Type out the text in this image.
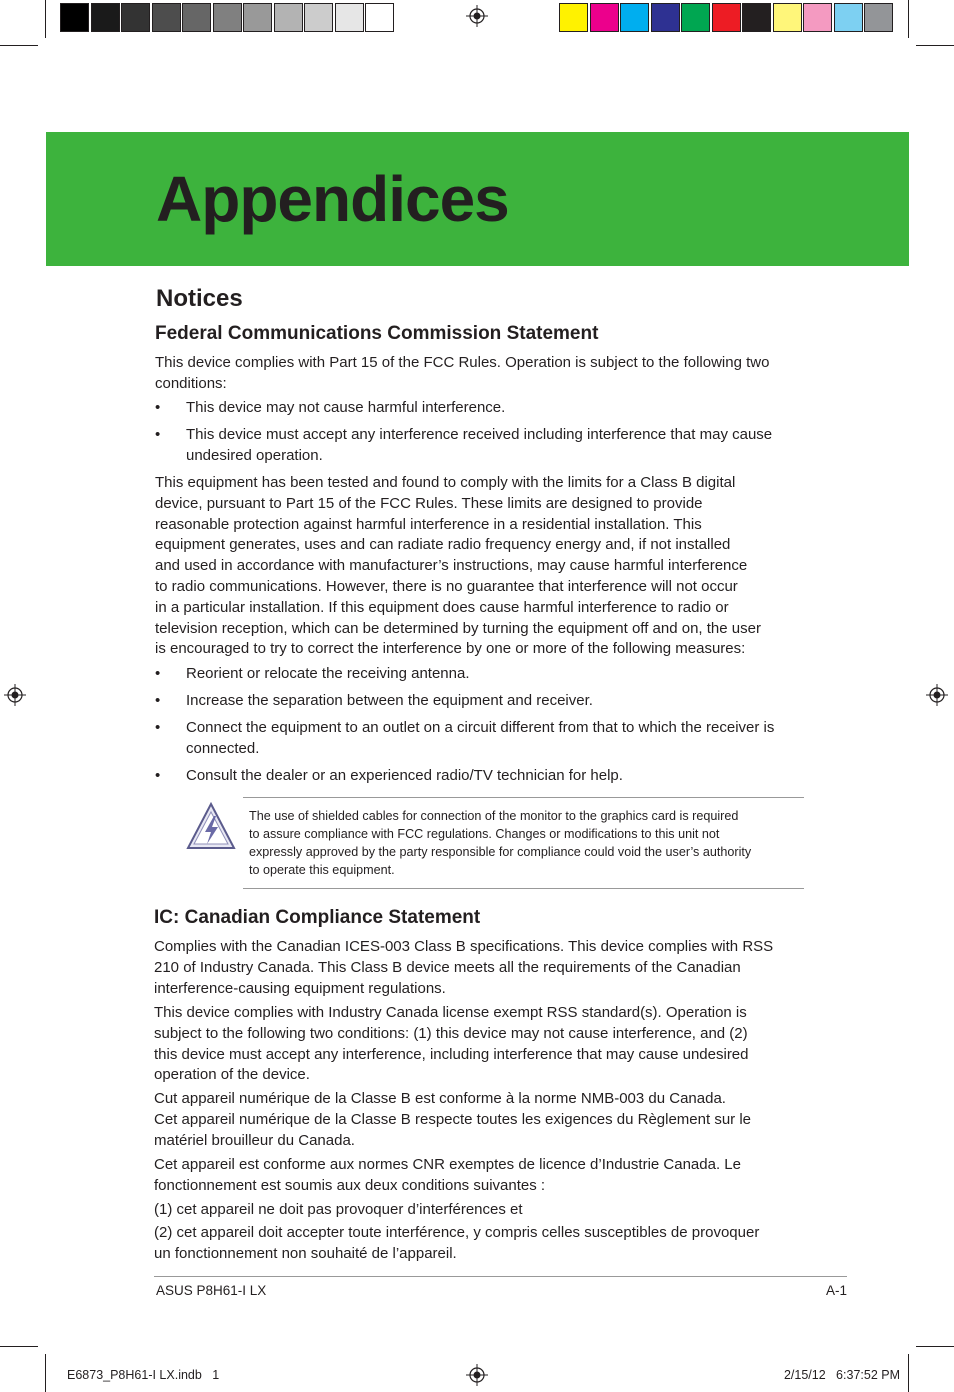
Appendices
Notices
Federal Communications Commission Statement
This device complies with Part 15 of the FCC Rules. Operation is subject to the following two
conditions:
• This device may not cause harmful interference.
• This device must accept any interference received including interference that may cause
undesired operation.
This equipment has been tested and found to comply with the limits for a Class B digital
device, pursuant to Part 15 of the FCC Rules. These limits are designed to provide
reasonable protection against harmful interference in a residential installation. This
equipment generates, uses and can radiate radio frequency energy and, if not installed
and used in accordance with manufacturer’s instructions, may cause harmful interference
to radio communications. However, there is no guarantee that interference will not occur
in a particular installation. If this equipment does cause harmful interference to radio or
television reception, which can be determined by turning the equipment off and on, the user
is encouraged to try to correct the interference by one or more of the following measures:
• Reorient or relocate the receiving antenna.
• Increase the separation between the equipment and receiver.
• Connect the equipment to an outlet on a circuit different from that to which the receiver is
connected.
• Consult the dealer or an experienced radio/TV technician for help.
The use of shielded cables for connection of the monitor to the graphics card is required
to assure compliance with FCC regulations. Changes or modifications to this unit not
expressly approved by the party responsible for compliance could void the user’s authority
to operate this equipment.
IC: Canadian Compliance Statement
Complies with the Canadian ICES-003 Class B specifications. This device complies with RSS
210 of Industry Canada. This Class B device meets all the requirements of the Canadian
interference-causing equipment regulations.
This device complies with Industry Canada license exempt RSS standard(s). Operation is
subject to the following two conditions: (1) this device may not cause interference, and (2)
this device must accept any interference, including interference that may cause undesired
operation of the device.
Cut appareil numérique de la Classe B est conforme à la norme NMB-003 du Canada.
Cet appareil numérique de la Classe B respecte toutes les exigences du Règlement sur le
matériel brouilleur du Canada.
Cet appareil est conforme aux normes CNR exemptes de licence d’Industrie Canada. Le
fonctionnement est soumis aux deux conditions suivantes :
(1) cet appareil ne doit pas provoquer d’interférences et
(2) cet appareil doit accepter toute interférence, y compris celles susceptibles de provoquer
un fonctionnement non souhaité de l’appareil.
ASUS P8H61-I LX	A-1
E6873_P8H61-I LX.indb   1	2/15/12   6:37:52 PM
